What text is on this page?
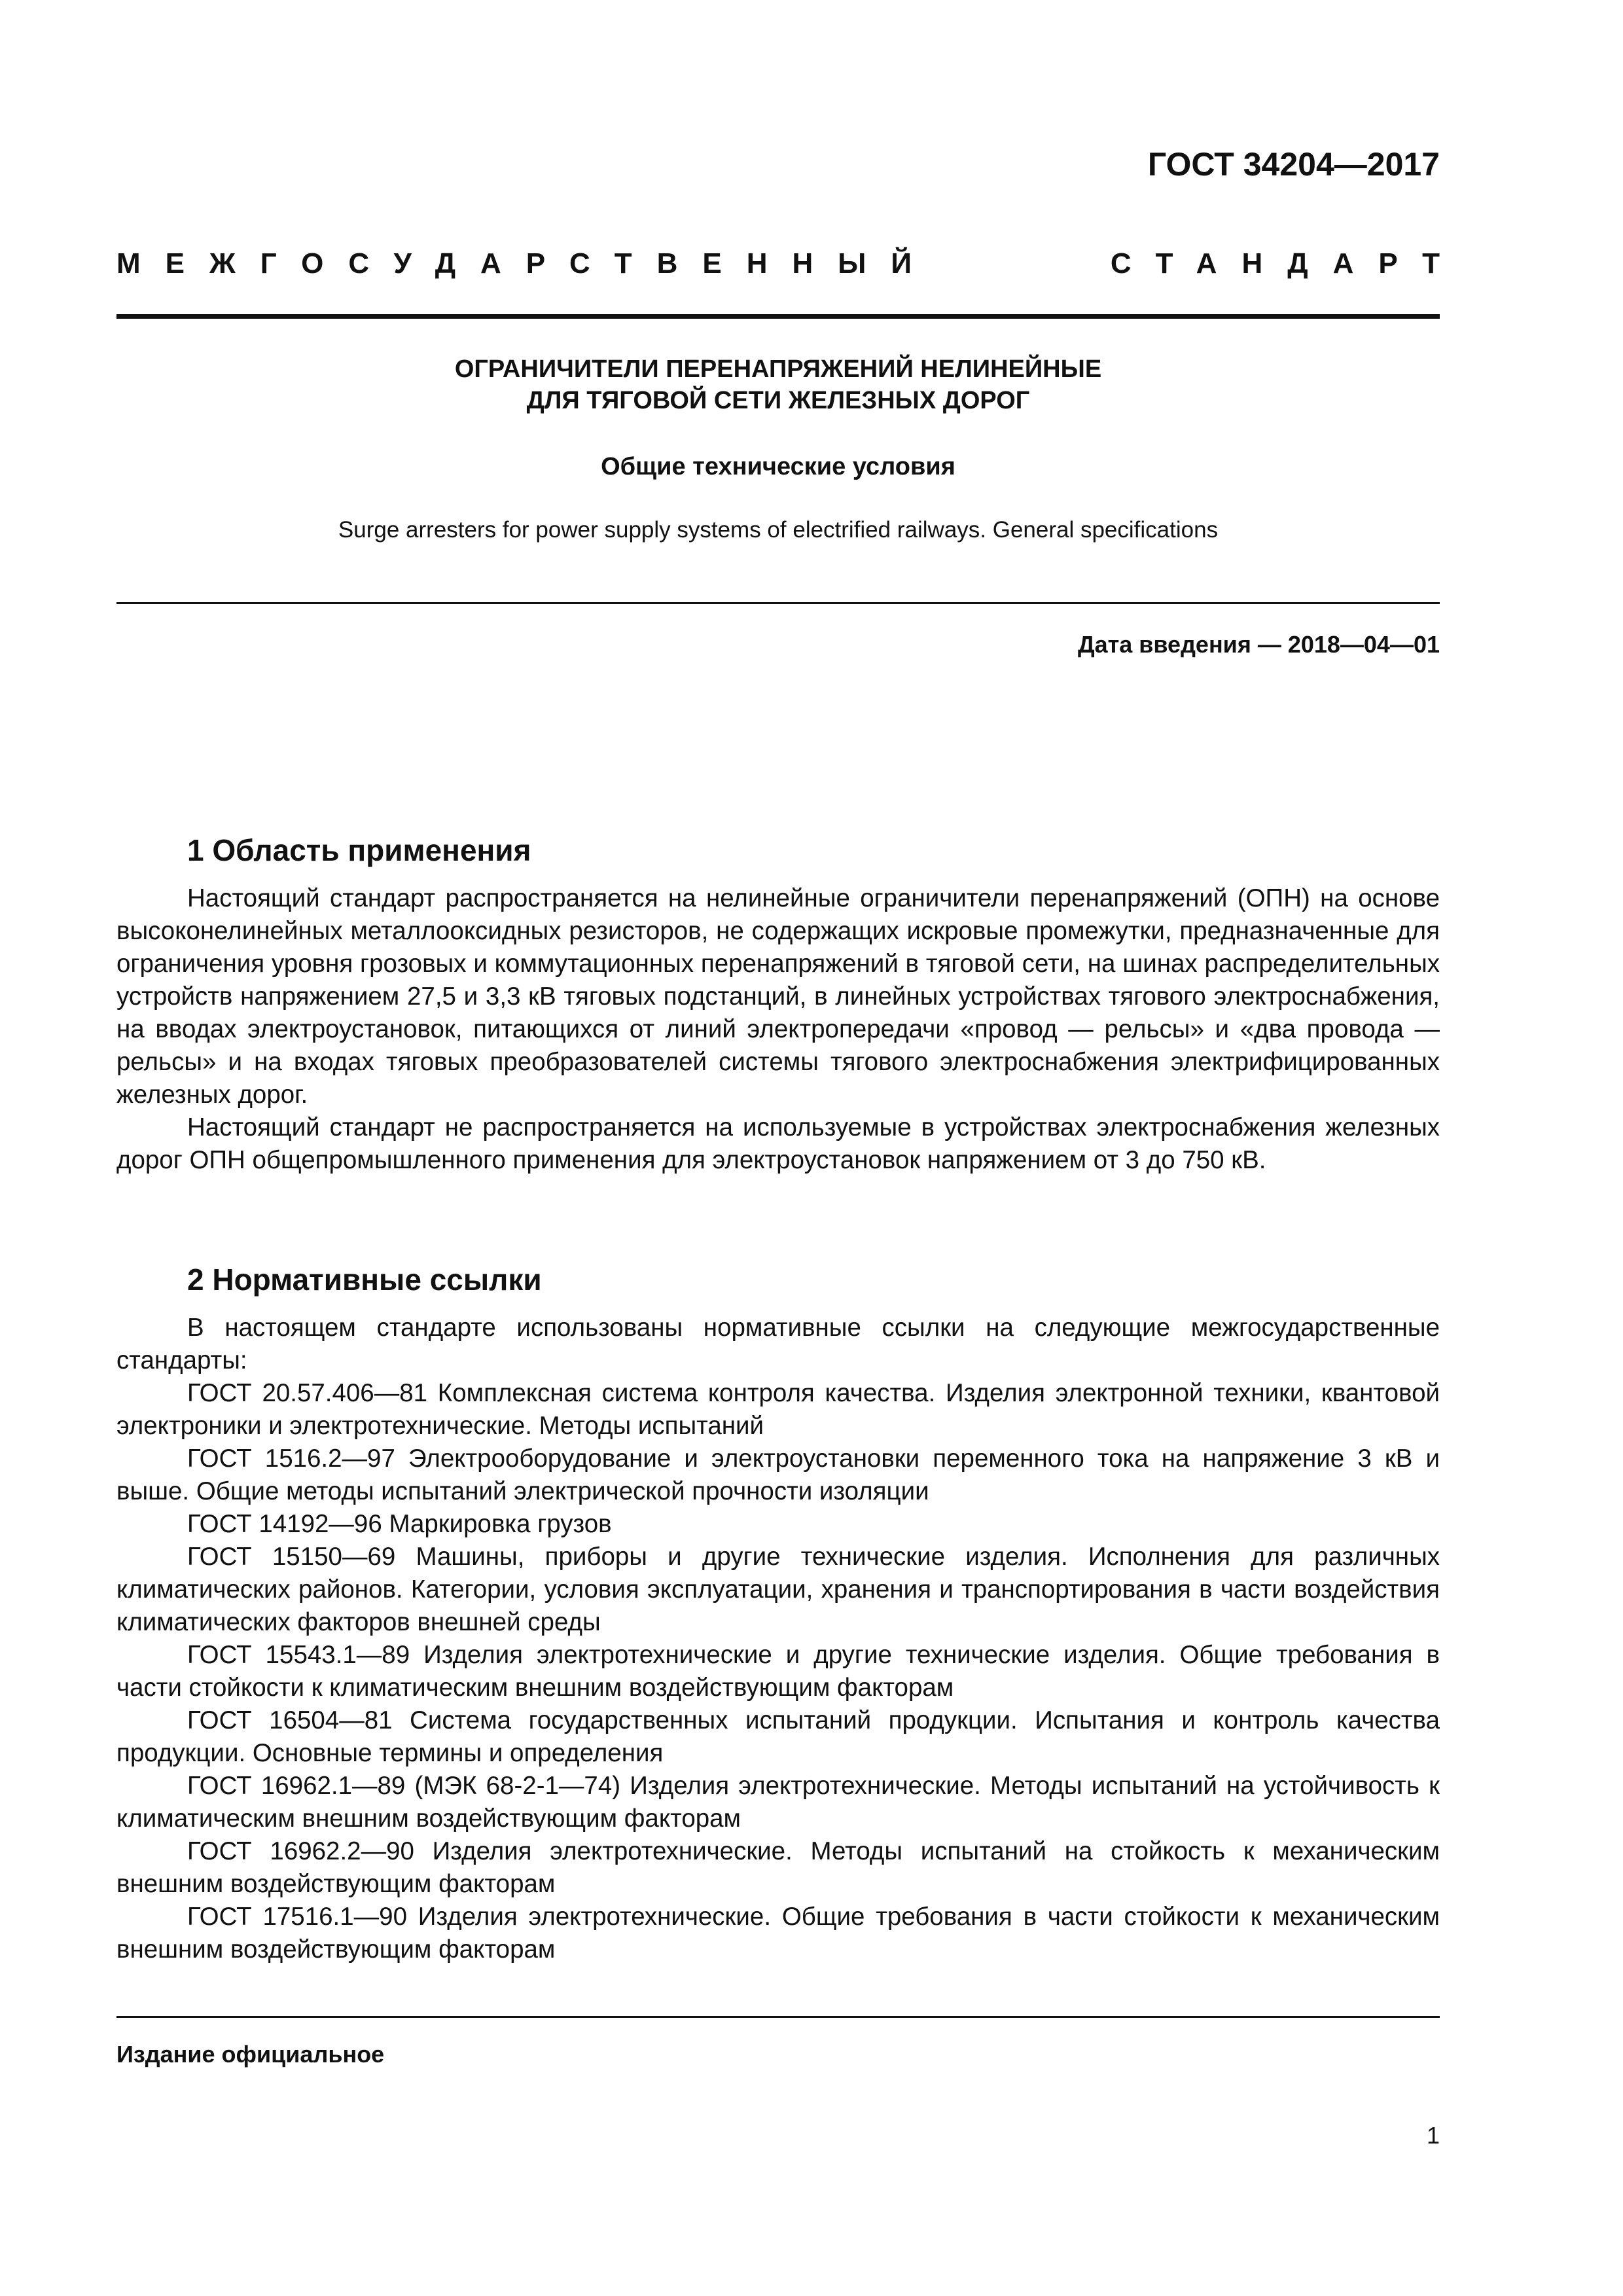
ГОСТ 34204—2017
МЕЖГОСУДАРСТВЕННЫЙ	СТАНДАРТ
ОГРАНИЧИТЕЛИ ПЕРЕНАПРЯЖЕНИЙ НЕЛИНЕЙНЫЕ
ДЛЯ ТЯГОВОЙ СЕТИ ЖЕЛЕЗНЫХ ДОРОГ
Общие технические условия
Surge arresters for power supply systems of electrified railways. General specifications
Дата введения — 2018—04—01
1 Область применения

Настоящий стандарт распространяется на нелинейные ограничители перенапряжений (ОПН) на основе высоконелинейных металлооксидных резисторов, не содержащих искровые промежутки, предназначенные для ограничения уровня грозовых и коммутационных перенапряжений в тяговой сети, на шинах распределительных устройств напряжением 27,5 и 3,3 кВ тяговых подстанций, в линейных устройствах тягового электроснабжения, на вводах электроустановок, питающихся от линий электропередачи «провод — рельсы» и «два провода — рельсы» и на входах тяговых преобразователей системы тягового электроснабжения электрифицированных железных дорог.

Настоящий стандарт не распространяется на используемые в устройствах электроснабжения железных дорог ОПН общепромышленного применения для электроустановок напряжением от 3 до 750 кВ.

2 Нормативные ссылки

В настоящем стандарте использованы нормативные ссылки на следующие межгосударственные стандарты:

ГОСТ 20.57.406—81 Комплексная система контроля качества. Изделия электронной техники, квантовой электроники и электротехнические. Методы испытаний

ГОСТ 1516.2—97 Электрооборудование и электроустановки переменного тока на напряжение 3 кВ и выше. Общие методы испытаний электрической прочности изоляции

ГОСТ 14192—96 Маркировка грузов

ГОСТ 15150—69 Машины, приборы и другие технические изделия. Исполнения для различных климатических районов. Категории, условия эксплуатации, хранения и транспортирования в части воздействия климатических факторов внешней среды

ГОСТ 15543.1—89 Изделия электротехнические и другие технические изделия. Общие требования в части стойкости к климатическим внешним воздействующим факторам

ГОСТ 16504—81 Система государственных испытаний продукции. Испытания и контроль качества продукции. Основные термины и определения

ГОСТ 16962.1—89 (МЭК 68-2-1—74) Изделия электротехнические. Методы испытаний на устойчивость к климатическим внешним воздействующим факторам

ГОСТ 16962.2—90 Изделия электротехнические. Методы испытаний на стойкость к механическим внешним воздействующим факторам

ГОСТ 17516.1—90 Изделия электротехнические. Общие требования в части стойкости к механическим внешним воздействующим факторам

Издание официальное
1
